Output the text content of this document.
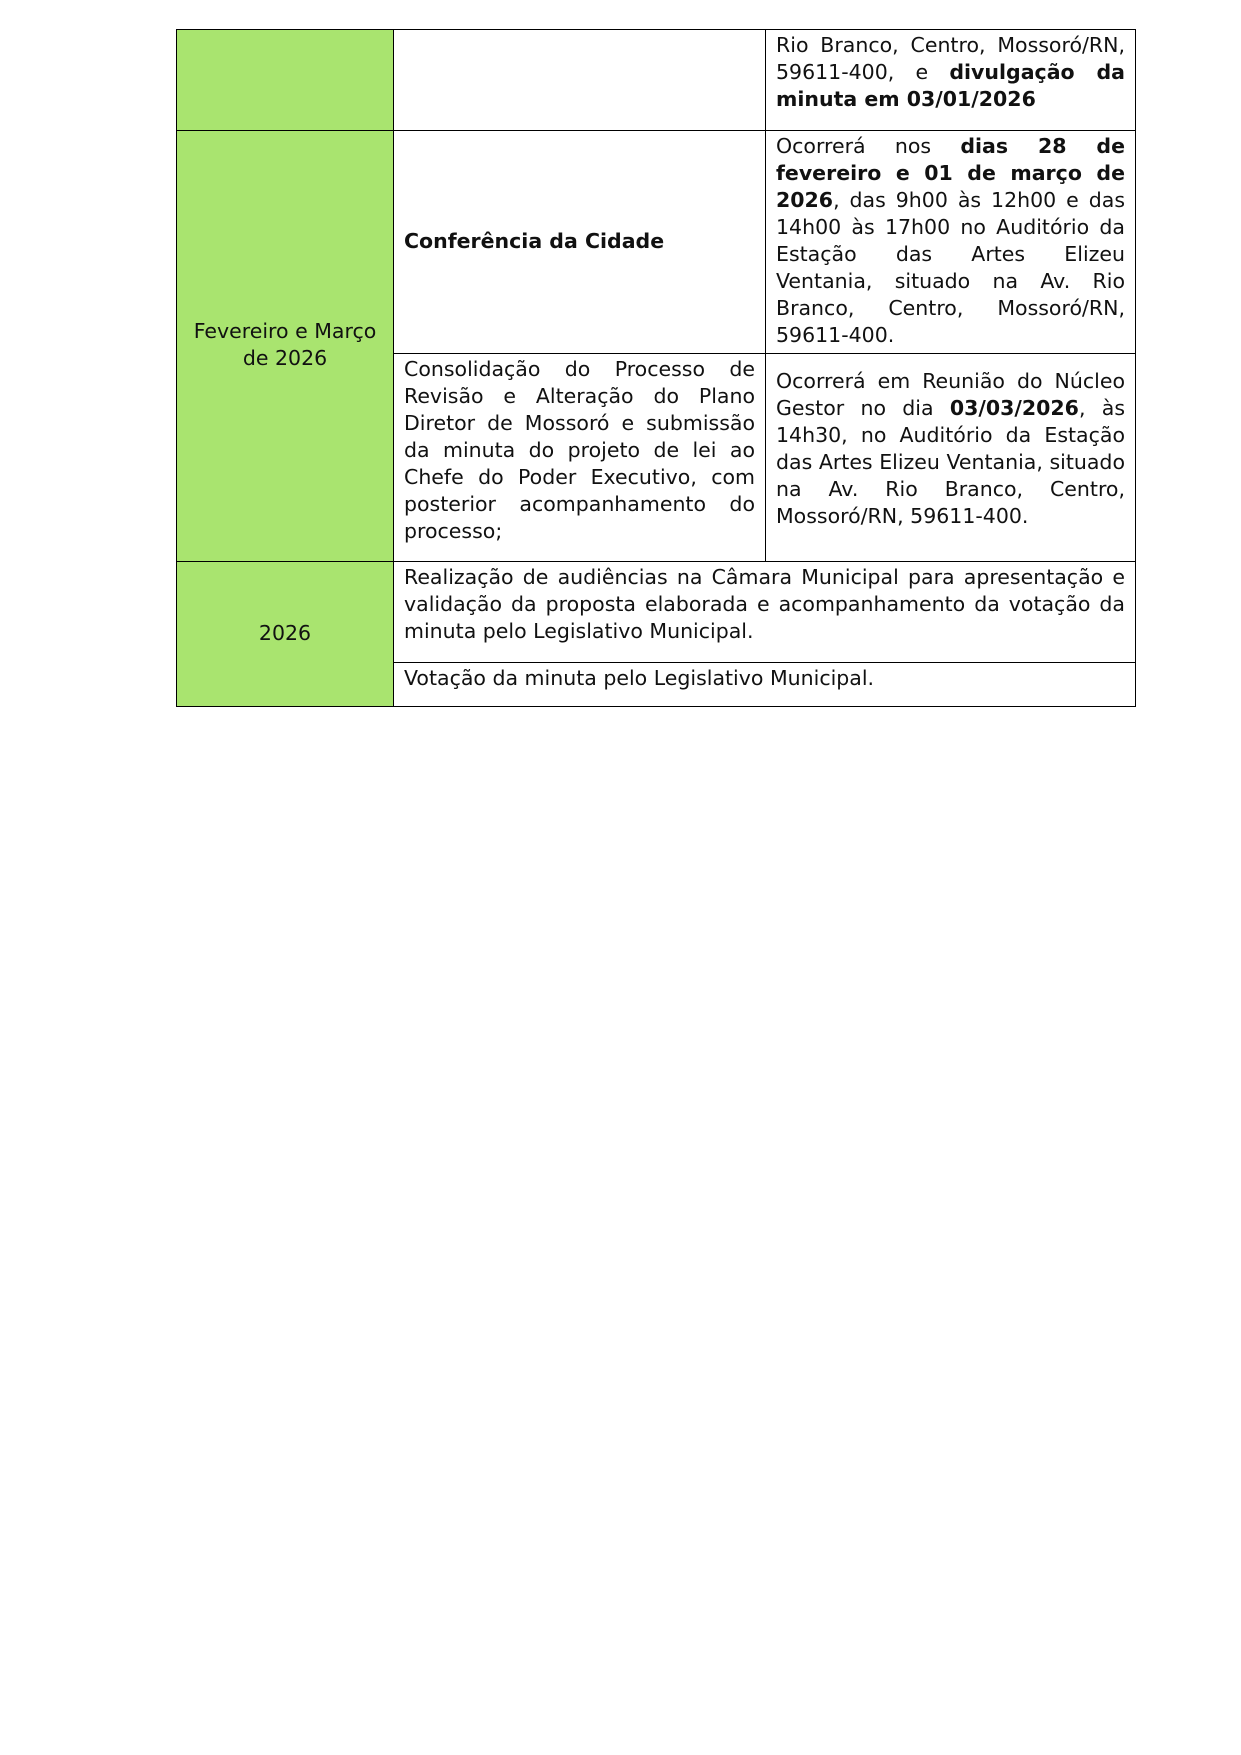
		Rio Branco, Centro, Mossoró/RN, 59611-400, e divulgação da minuta em 03/01/2026
Fevereiro e Março de 2026	Conferência da Cidade	Ocorrerá nos dias 28 de fevereiro e 01 de março de 2026, das 9h00 às 12h00 e das 14h00 às 17h00 no Auditório da Estação das Artes Elizeu Ventania, situado na Av. Rio Branco, Centro, Mossoró/RN, 59611-400.
	Consolidação do Processo de Revisão e Alteração do Plano Diretor de Mossoró e submissão da minuta do projeto de lei ao Chefe do Poder Executivo, com posterior acompanhamento do processo;	Ocorrerá em Reunião do Núcleo Gestor no dia 03/03/2026, às 14h30, no Auditório da Estação das Artes Elizeu Ventania, situado na Av. Rio Branco, Centro, Mossoró/RN, 59611-400.
2026	Realização de audiências na Câmara Municipal para apresentação e validação da proposta elaborada e acompanhamento da votação da minuta pelo Legislativo Municipal.	
	Votação da minuta pelo Legislativo Municipal.	
